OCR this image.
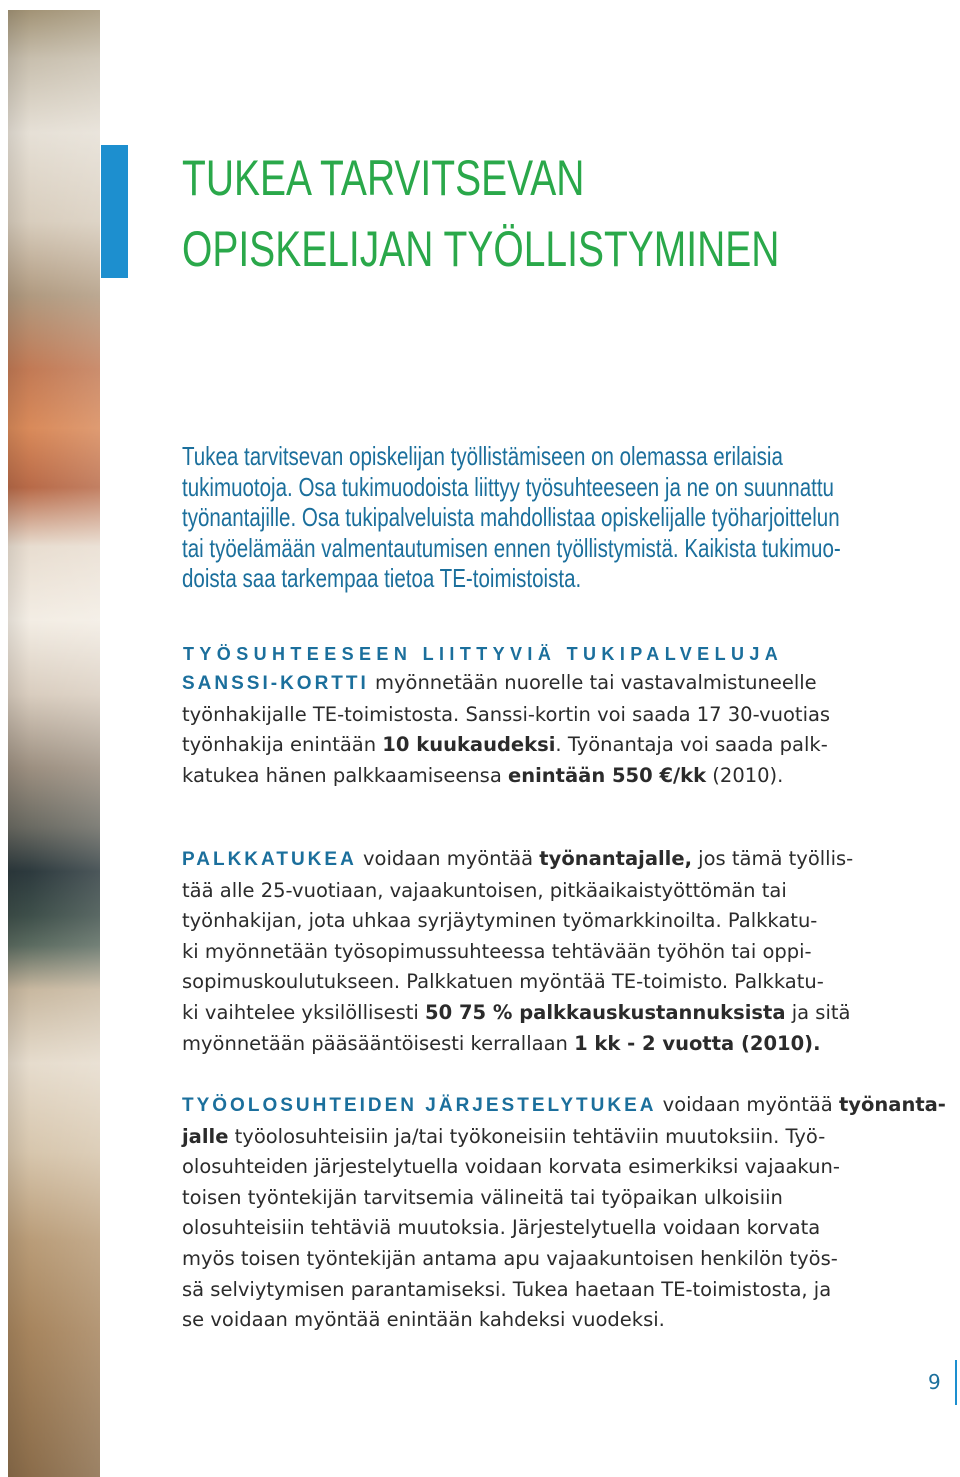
TUKEA TARVITSEVAN
OPISKELIJAN TYÖLLISTYMINEN
Tukea tarvitsevan opiskelijan työllistämiseen on olemassa erilaisia
tukimuotoja. Osa tukimuodoista liittyy työsuhteeseen ja ne on suunnattu
työnantajille. Osa tukipalveluista mahdollistaa opiskelijalle työharjoittelun
tai työelämään valmentautumisen ennen työllistymistä. Kaikista tukimuo-
doista saa tarkempaa tietoa TE-toimistoista.
TYÖSUHTEESEEN LIITTYVIÄ TUKIPALVELUJA
SANSSI-KORTTI myönnetään nuorelle tai vastavalmistuneelle
työnhakijalle TE-toimistosta. Sanssi-kortin voi saada 17 30-vuotias
työnhakija enintään 10 kuukaudeksi. Työnantaja voi saada palk-
katukea hänen palkkaamiseensa enintään 550 €/kk (2010).
PALKKATUKEA voidaan myöntää työnantajalle, jos tämä työllis-
tää alle 25-vuotiaan, vajaakuntoisen, pitkäaikaistyöttömän tai
työnhakijan, jota uhkaa syrjäytyminen työmarkkinoilta. Palkkatu-
ki myönnetään työsopimussuhteessa tehtävään työhön tai oppi-
sopimuskoulutukseen. Palkkatuen myöntää TE-toimisto. Palkkatu-
ki vaihtelee yksilöllisesti 50 75 % palkkauskustannuksista ja sitä
myönnetään pääsääntöisesti kerrallaan 1 kk - 2 vuotta (2010).
TYÖOLOSUHTEIDEN JÄRJESTELYTUKEA voidaan myöntää työnanta-
jalle työolosuhteisiin ja/tai työkoneisiin tehtäviin muutoksiin. Työ-
olosuhteiden järjestelytuella voidaan korvata esimerkiksi vajaakun-
toisen työntekijän tarvitsemia välineitä tai työpaikan ulkoisiin
olosuhteisiin tehtäviä muutoksia. Järjestelytuella voidaan korvata
myös toisen työntekijän antama apu vajaakuntoisen henkilön työs-
sä selviytymisen parantamiseksi. Tukea haetaan TE-toimistosta, ja
se voidaan myöntää enintään kahdeksi vuodeksi.
9
